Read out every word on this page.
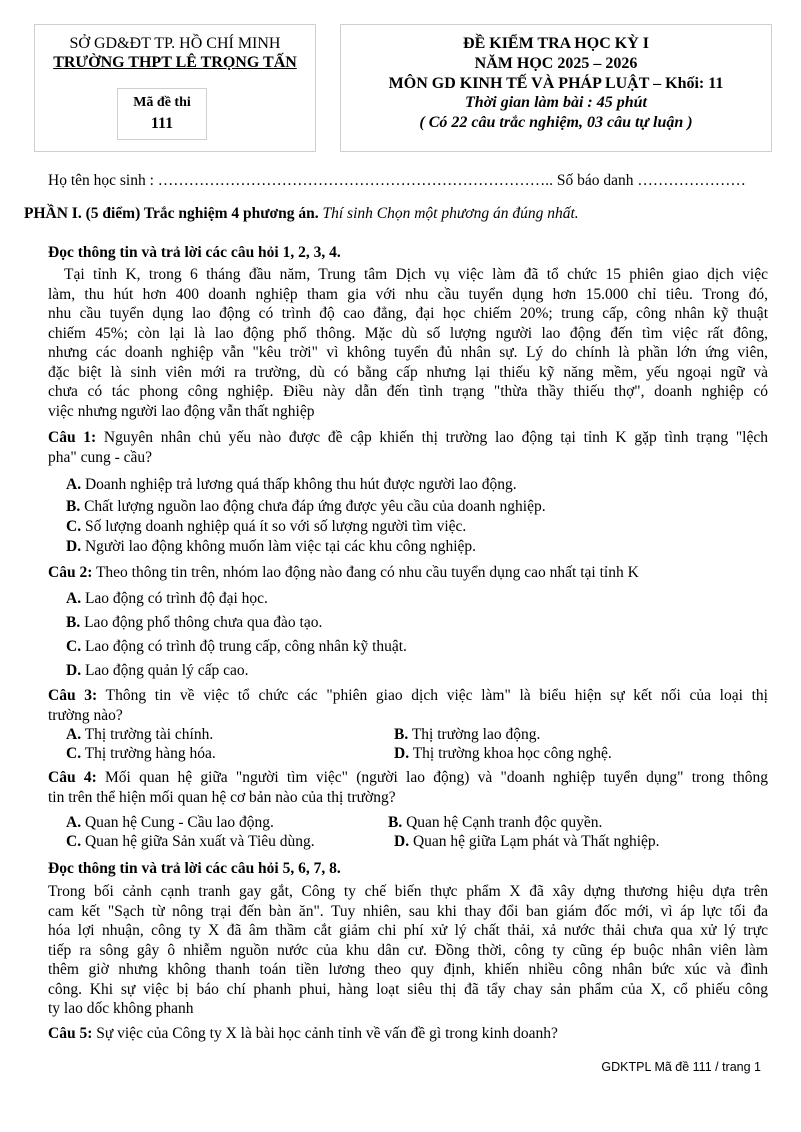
SỞ GD&ĐT TP. HỒ CHÍ MINH
TRƯỜNG THPT LÊ TRỌNG TẤN
Mã đề thi
111
ĐỀ KIỂM TRA HỌC KỲ I
NĂM HỌC 2025 – 2026
MÔN GD KINH TẾ VÀ PHÁP LUẬT – Khối: 11
Thời gian làm bài : 45 phút
( Có 22 câu trắc nghiệm, 03 câu tự luận )
Họ tên học sinh : ………………………………………………………………….. Số báo danh …………………
PHẦN I. (5 điểm) Trắc nghiệm 4 phương án. Thí sinh Chọn một phương án đúng nhất.
Đọc thông tin và trả lời các câu hỏi 1, 2, 3, 4.
Tại tỉnh K, trong 6 tháng đầu năm, Trung tâm Dịch vụ việc làm đã tổ chức 15 phiên giao dịch việc
làm, thu hút hơn 400 doanh nghiệp tham gia với nhu cầu tuyển dụng hơn 15.000 chỉ tiêu. Trong đó,
nhu cầu tuyển dụng lao động có trình độ cao đẳng, đại học chiếm 20%; trung cấp, công nhân kỹ thuật
chiếm 45%; còn lại là lao động phổ thông. Mặc dù số lượng người lao động đến tìm việc rất đông,
nhưng các doanh nghiệp vẫn "kêu trời" vì không tuyển đủ nhân sự. Lý do chính là phần lớn ứng viên,
đặc biệt là sinh viên mới ra trường, dù có bằng cấp nhưng lại thiếu kỹ năng mềm, yếu ngoại ngữ và
chưa có tác phong công nghiệp. Điều này dẫn đến tình trạng "thừa thầy thiếu thợ", doanh nghiệp có
việc nhưng người lao động vẫn thất nghiệp
Câu 1: Nguyên nhân chủ yếu nào được đề cập khiến thị trường lao động tại tỉnh K gặp tình trạng "lệch
pha" cung - cầu?
A. Doanh nghiệp trả lương quá thấp không thu hút được người lao động.
B. Chất lượng nguồn lao động chưa đáp ứng được yêu cầu của doanh nghiệp.
C. Số lượng doanh nghiệp quá ít so với số lượng người tìm việc.
D. Người lao động không muốn làm việc tại các khu công nghiệp.
Câu 2: Theo thông tin trên, nhóm lao động nào đang có nhu cầu tuyển dụng cao nhất tại tỉnh K
A. Lao động có trình độ đại học.
B. Lao động phổ thông chưa qua đào tạo.
C. Lao động có trình độ trung cấp, công nhân kỹ thuật.
D. Lao động quản lý cấp cao.
Câu 3: Thông tin về việc tổ chức các "phiên giao dịch việc làm" là biểu hiện sự kết nối của loại thị
trường nào?
A. Thị trường tài chính.	B. Thị trường lao động.
C. Thị trường hàng hóa.	D. Thị trường khoa học công nghệ.
Câu 4: Mối quan hệ giữa "người tìm việc" (người lao động) và "doanh nghiệp tuyển dụng" trong thông
tin trên thể hiện mối quan hệ cơ bản nào của thị trường?
A. Quan hệ Cung - Cầu lao động.	B. Quan hệ Cạnh tranh độc quyền.
C. Quan hệ giữa Sản xuất và Tiêu dùng.	D. Quan hệ giữa Lạm phát và Thất nghiệp.
Đọc thông tin và trả lời các câu hỏi 5, 6, 7, 8.
Trong bối cảnh cạnh tranh gay gắt, Công ty chế biến thực phẩm X đã xây dựng thương hiệu dựa trên
cam kết "Sạch từ nông trại đến bàn ăn". Tuy nhiên, sau khi thay đổi ban giám đốc mới, vì áp lực tối đa
hóa lợi nhuận, công ty X đã âm thầm cắt giảm chi phí xử lý chất thải, xả nước thải chưa qua xử lý trực
tiếp ra sông gây ô nhiễm nguồn nước của khu dân cư. Đồng thời, công ty cũng ép buộc nhân viên làm
thêm giờ nhưng không thanh toán tiền lương theo quy định, khiến nhiều công nhân bức xúc và đình
công. Khi sự việc bị báo chí phanh phui, hàng loạt siêu thị đã tẩy chay sản phẩm của X, cổ phiếu công
ty lao dốc không phanh
Câu 5: Sự việc của Công ty X là bài học cảnh tỉnh về vấn đề gì trong kinh doanh?
GDKTPL Mã đề 111 / trang 1
